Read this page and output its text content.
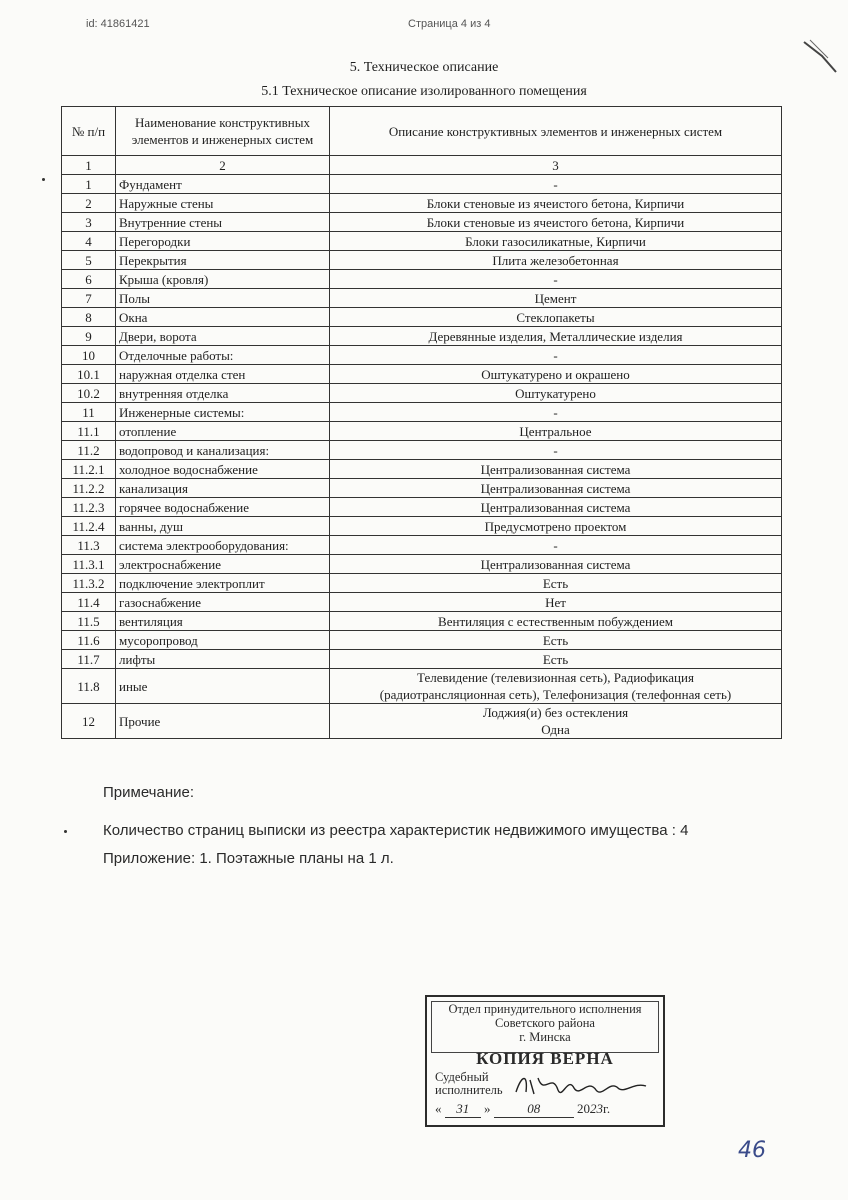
id: 41861421	Страница 4 из 4
5. Техническое описание
5.1 Техническое описание изолированного помещения
№ п/п	Наименование конструктивных элементов и инженерных систем	Описание конструктивных элементов и инженерных систем
1	2	3
1	Фундамент	-
2	Наружные стены	Блоки стеновые из ячеистого бетона, Кирпичи
3	Внутренние стены	Блоки стеновые из ячеистого бетона, Кирпичи
4	Перегородки	Блоки газосиликатные, Кирпичи
5	Перекрытия	Плита железобетонная
6	Крыша (кровля)	-
7	Полы	Цемент
8	Окна	Стеклопакеты
9	Двери, ворота	Деревянные изделия, Металлические изделия
10	Отделочные работы:	-
10.1	наружная отделка стен	Оштукатурено и окрашено
10.2	внутренняя отделка	Оштукатурено
11	Инженерные системы:	-
11.1	отопление	Центральное
11.2	водопровод и канализация:	-
11.2.1	холодное водоснабжение	Централизованная система
11.2.2	канализация	Централизованная система
11.2.3	горячее водоснабжение	Централизованная система
11.2.4	ванны, душ	Предусмотрено проектом
11.3	система электрооборудования:	-
11.3.1	электроснабжение	Централизованная система
11.3.2	подключение электроплит	Есть
11.4	газоснабжение	Нет
11.5	вентиляция	Вентиляция с естественным побуждением
11.6	мусоропровод	Есть
11.7	лифты	Есть
11.8	иные	Телевидение (телевизионная сеть), Радиофикация
(радиотрансляционная сеть), Телефонизация (телефонная сеть)

12	Прочие	Лоджия(и) без остекления
Одна
Примечание:
Количество страниц выписки из реестра характеристик недвижимого имущества : 4
Приложение: 1. Поэтажные планы на 1 л.
Отдел принудительного исполнения
Советского района
г. Минска
КОПИЯ ВЕРНА
Судебный
исполнитель
« 31 »	08	2023г.
46
